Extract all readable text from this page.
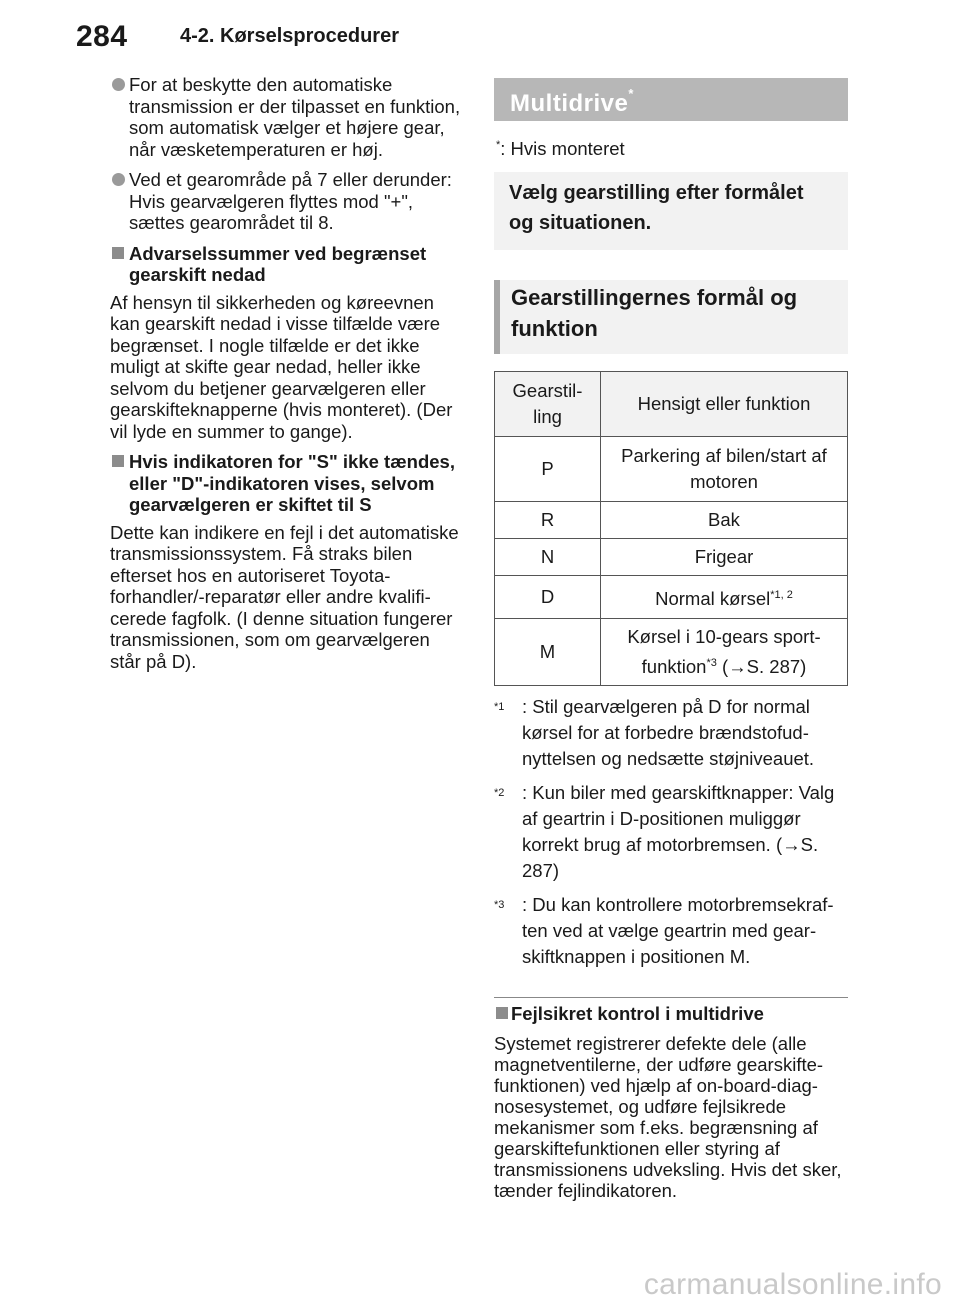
284	4-2. Kørselsprocedurer
For at beskytte den automatiske transmission er der tilpasset en funktion, som automatisk vælger et højere gear, når væsketemperaturen er høj.
Ved et gearområde på 7 eller derunder: Hvis gearvælgeren flyttes mod "+", sættes gearområdet til 8.
Advarselssummer ved begrænset gearskift nedad
Af hensyn til sikkerheden og køreevnen kan gearskift nedad i visse tilfælde være begrænset. I nogle tilfælde er det ikke muligt at skifte gear nedad, heller ikke selvom du betjener gearvælgeren eller gearskifteknapperne (hvis monteret). (Der vil lyde en summer to gange).
Hvis indikatoren for "S" ikke tændes, eller "D"-indikatoren vises, selvom gearvælgeren er skiftet til S
Dette kan indikere en fejl i det automatiske transmissionssystem. Få straks bilen efterset hos en autoriseret Toyota-forhandler/-reparatør eller andre kvalificerede fagfolk. (I denne situation fungerer transmissionen, som om gearvælgeren står på D).
Multidrive*
*: Hvis monteret
Vælg gearstilling efter formålet og situationen.
Gearstillingernes formål og funktion
Gearstil-
ling	Hensigt eller funktion
P	Parkering af bilen/start af motoren
R	Bak
N	Frigear
D	Normal kørsel$^{*1, 2}$
M	Kørsel i 10-gears sport-
funktion$^{*3}$ (→S. 287)
$^{*1}$ : Stil gearvælgeren på D for normal kørsel for at forbedre brændstofudnyttelsen og nedsætte støjniveauet.
$^{*2}$ : Kun biler med gearskiftknapper: Valg af geartrin i D-positionen muliggør korrekt brug af motorbremsen. (→S. 287)
$^{*3}$ : Du kan kontrollere motorbremsekraften ved at vælge geartrin med gearskiftknappen i positionen M.
Fejlsikret kontrol i multidrive
Systemet registrerer defekte dele (alle magnetventilerne, der udføre gearskiftefunktionen) ved hjælp af on-board-diagnosesystemet, og udføre fejlsikrede mekanismer som f.eks. begrænsning af gearskiftefunktionen eller styring af transmissionens udveksling. Hvis det sker, tænder fejlindikatoren.
carmanualsonline.info
